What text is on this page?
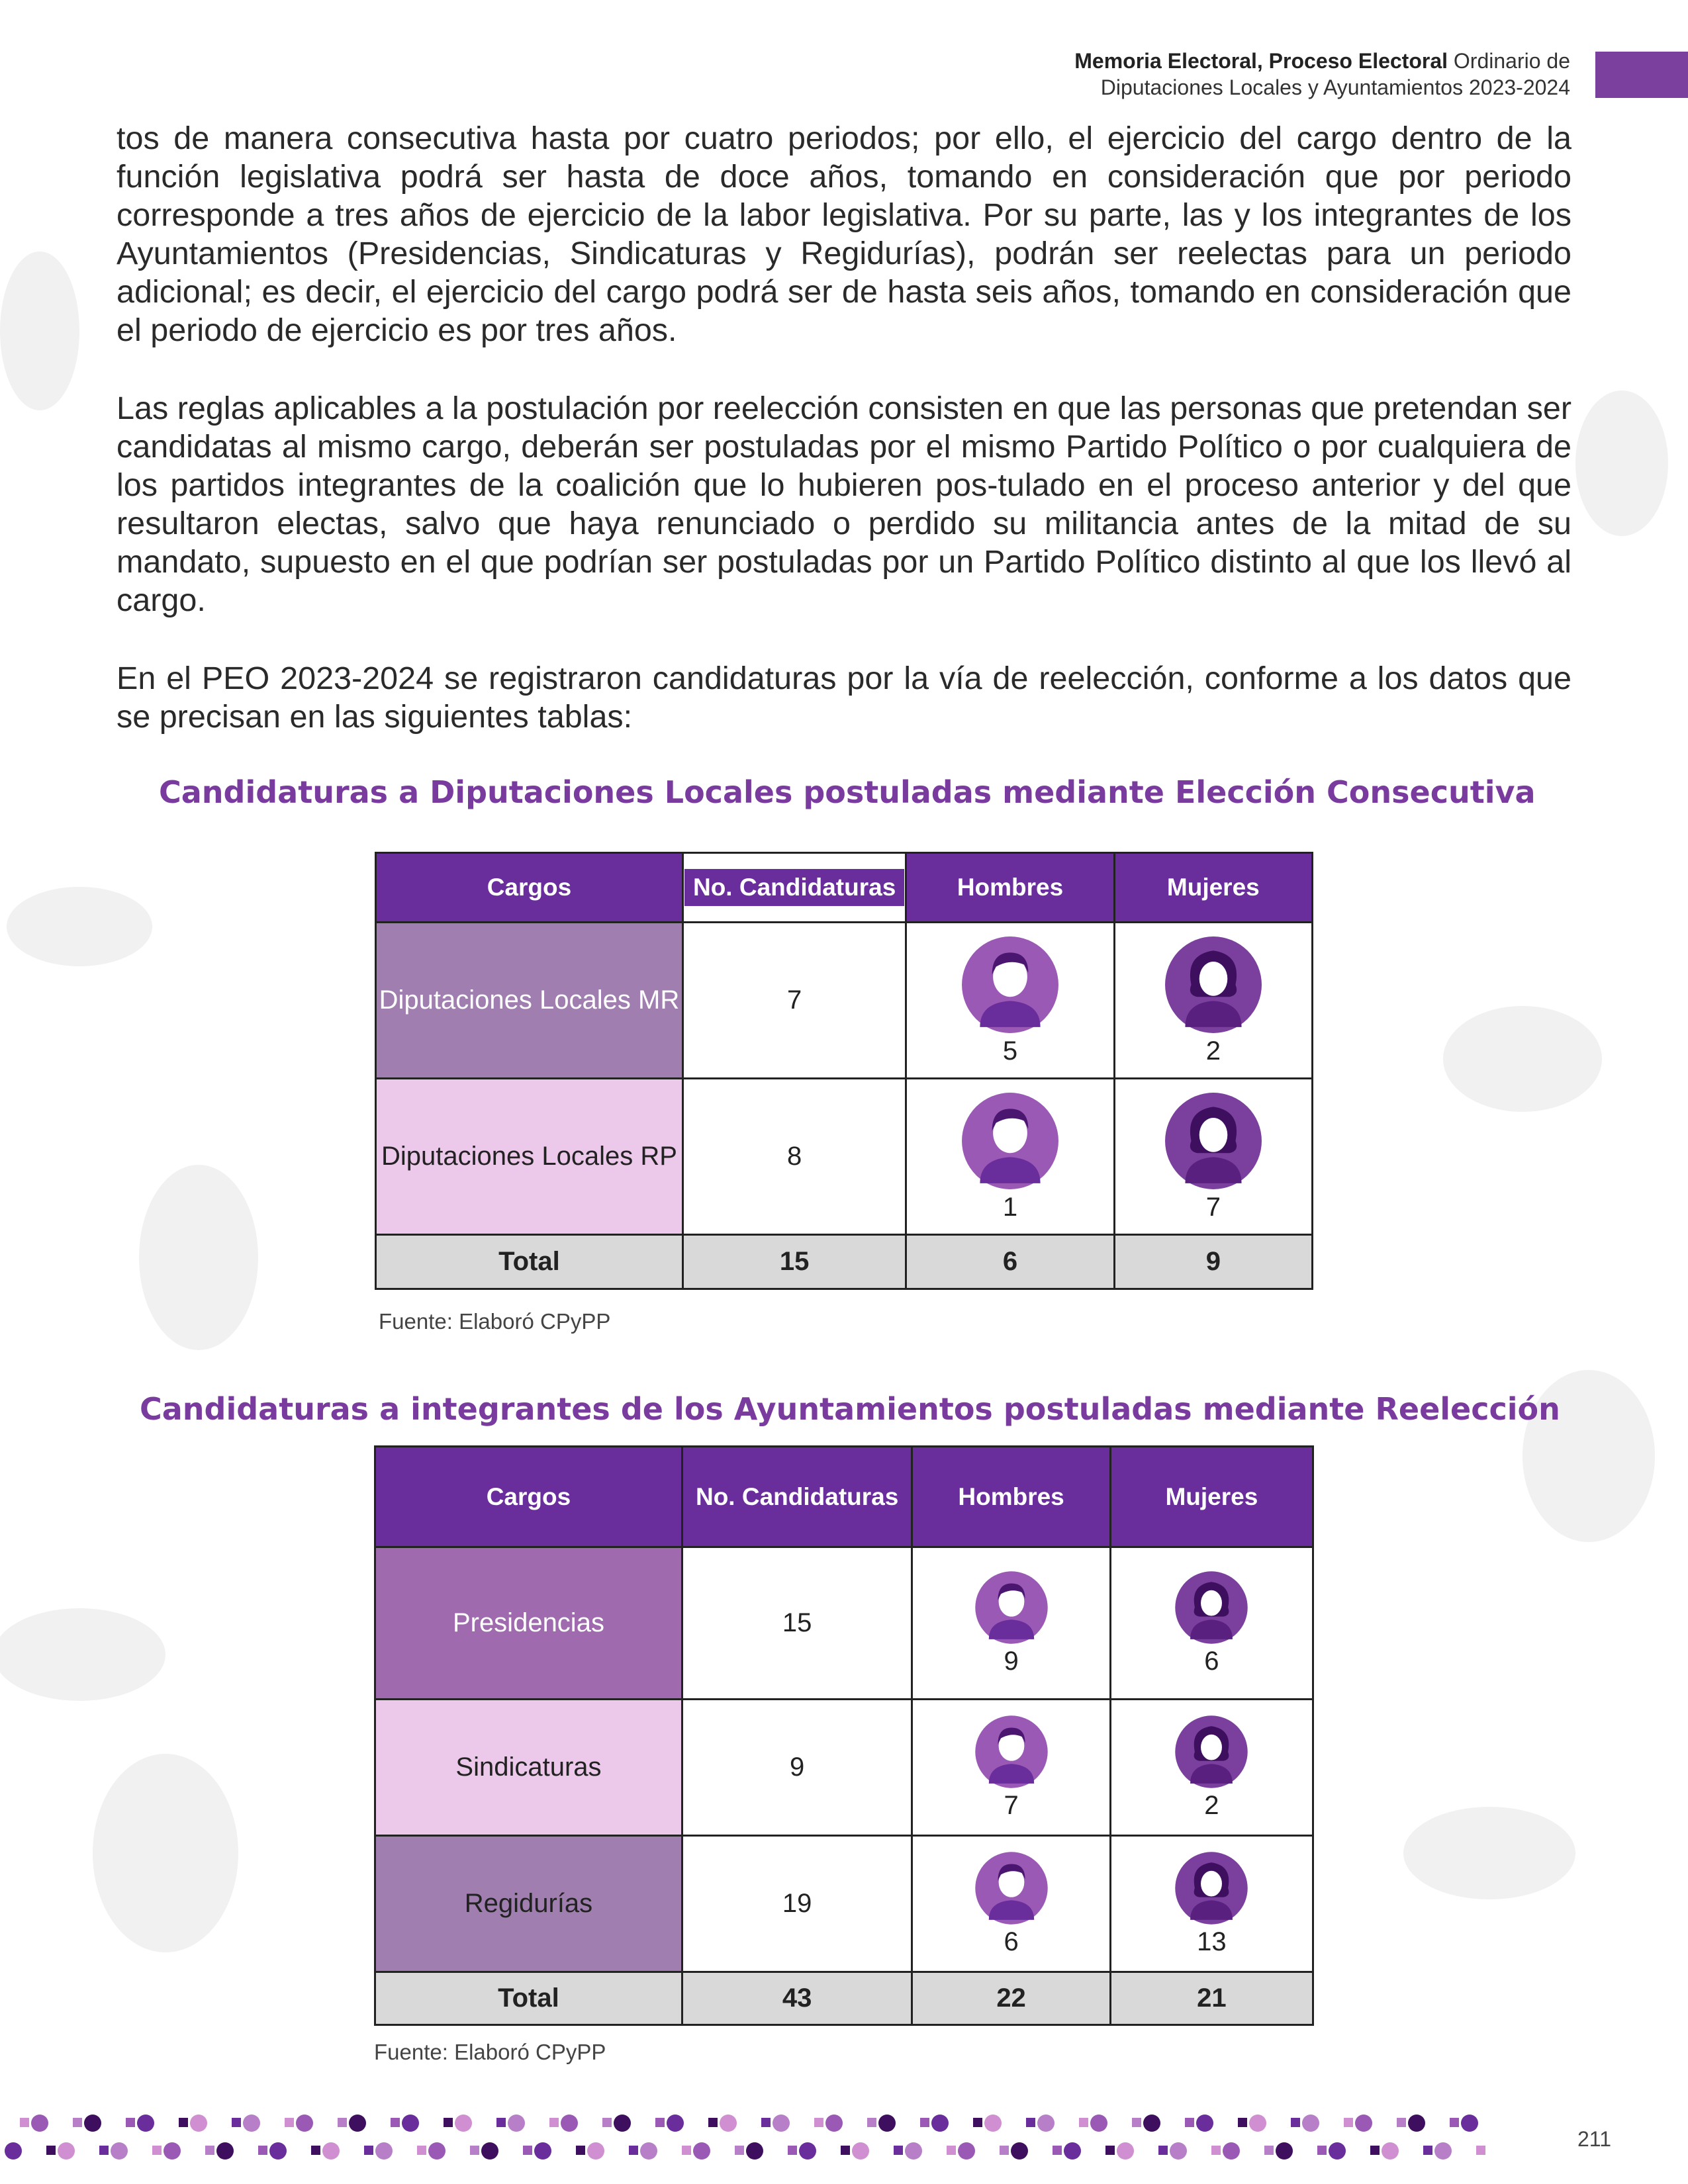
Memoria Electoral, Proceso Electoral Ordinario de
Diputaciones Locales y Ayuntamientos 2023-2024

tos de manera consecutiva hasta por cuatro periodos; por ello, el ejercicio del cargo dentro de la función legislativa podrá ser hasta de doce años, tomando en consideración que por periodo corresponde a tres años de ejercicio de la labor legislativa. Por su parte, las y los integrantes de los Ayuntamientos (Presidencias, Sindicaturas y Regidurías), podrán ser reelectas para un periodo adicional; es decir, el ejercicio del cargo podrá ser de hasta seis años, tomando en consideración que el periodo de ejercicio es por tres años.

Las reglas aplicables a la postulación por reelección consisten en que las personas que pretendan ser candidatas al mismo cargo, deberán ser postuladas por el mismo Partido Político o por cualquiera de los partidos integrantes de la coalición que lo hubieren pos-tulado en el proceso anterior y del que resultaron electas, salvo que haya renunciado o perdido su militancia antes de la mitad de su mandato, supuesto en el que podrían ser postuladas por un Partido Político distinto al que los llevó al cargo.

En el PEO 2023-2024 se registraron candidaturas por la vía de reelección, conforme a los datos que se precisan en las siguientes tablas:

Candidaturas a Diputaciones Locales postuladas mediante Elección Consecutiva
Cargos	No. Candidaturas	Hombres	Mujeres
Diputaciones Locales MR	7	5	2

Diputaciones Locales RP	8	1	7

Total	15	6	9
Fuente: Elaboró CPyPP
Candidaturas a integrantes de los Ayuntamientos postuladas mediante Reelección
Cargos	No. Candidaturas	Hombres	Mujeres
Presidencias	15	9	6

Sindicaturas	9	7	2

Regidurías	19	6	13

Total	43	22	21
Fuente: Elaboró CPyPP
211
